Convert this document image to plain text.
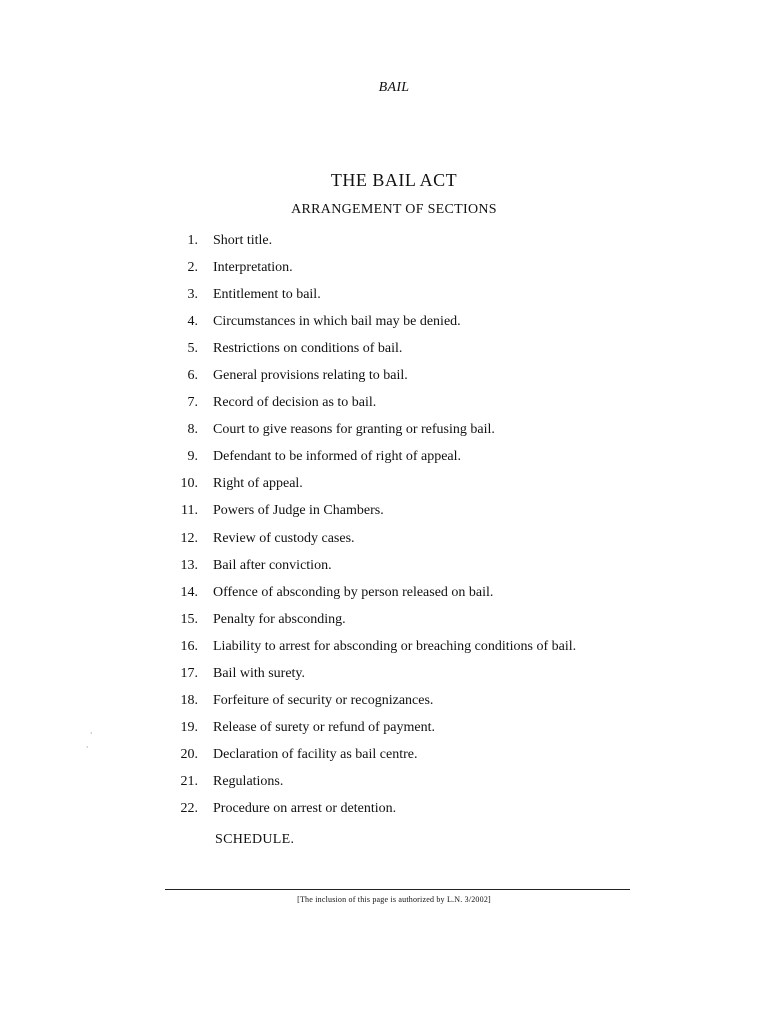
BAIL
THE BAIL ACT
ARRANGEMENT OF SECTIONS
1.	Short title.
2.	Interpretation.
3.	Entitlement to bail.
4.	Circumstances in which bail may be denied.
5.	Restrictions on conditions of bail.
6.	General provisions relating to bail.
7.	Record of decision as to bail.
8.	Court to give reasons for granting or refusing bail.
9.	Defendant to be informed of right of appeal.
10.	Right of appeal.
11.	Powers of Judge in Chambers.
12.	Review of custody cases.
13.	Bail after conviction.
14.	Offence of absconding by person released on bail.
15.	Penalty for absconding.
16.	Liability to arrest for absconding or breaching conditions of bail.
17.	Bail with surety.
18.	Forfeiture of security or recognizances.
19.	Release of surety or refund of payment.
20.	Declaration of facility as bail centre.
21.	Regulations.
22.	Procedure on arrest or detention.
SCHEDULE.
[The inclusion of this page is authorized by L.N. 3/2002]
⸱
⸱
